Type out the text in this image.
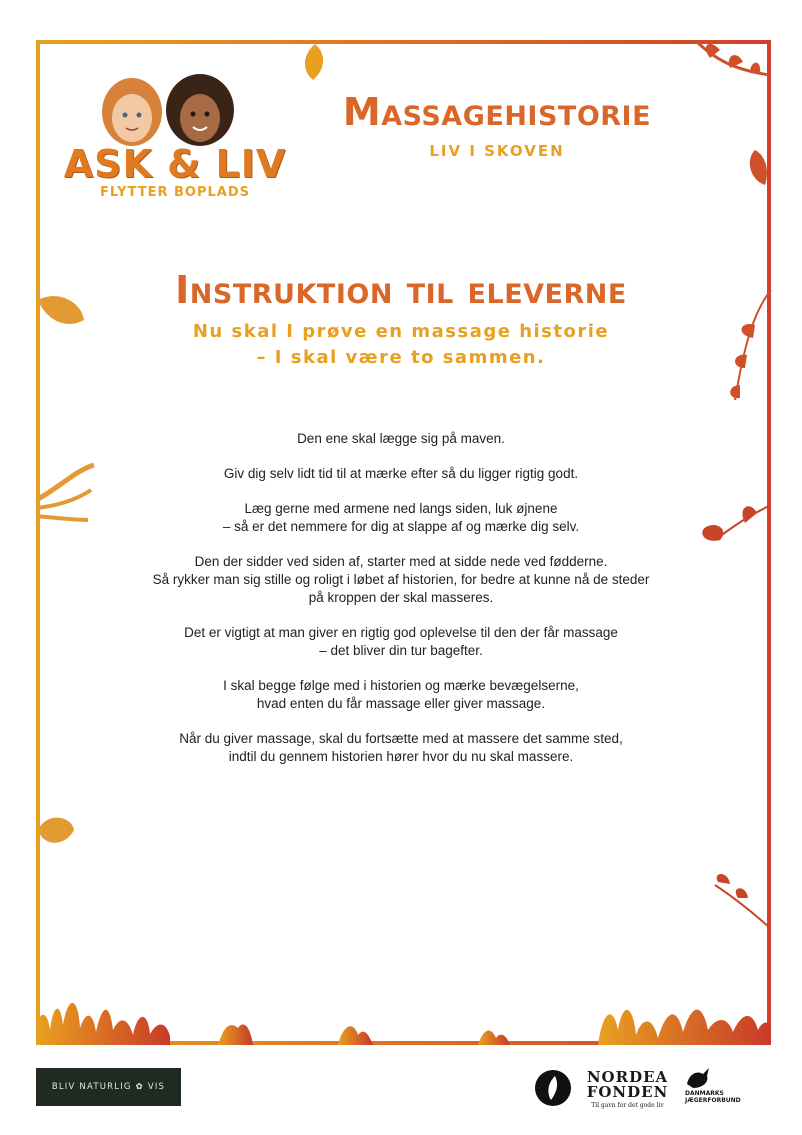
ASK & LIV
FLYTTER BOPLADS
Massagehistorie
LIV I SKOVEN
Instruktion til eleverne
Nu skal I prøve en massage historie
– I skal være to sammen.

Den ene skal lægge sig på maven.

Giv dig selv lidt tid til at mærke efter så du ligger rigtig godt.

Læg gerne med armene ned langs siden, luk øjnene
– så er det nemmere for dig at slappe af og mærke dig selv.

Den der sidder ved siden af, starter med at sidde nede ved fødderne.
Så rykker man sig stille og roligt i løbet af historien, for bedre at kunne nå de steder
på kroppen der skal masseres.

Det er vigtigt at man giver en rigtig god oplevelse til den der får massage
– det bliver din tur bagefter.

I skal begge følge med i historien og mærke bevægelserne,
hvad enten du får massage eller giver massage.

Når du giver massage, skal du fortsætte med at massere det samme sted,
indtil du gennem historien hører hvor du nu skal massere.

BLIV NATURLIG ✿ VIS
NORDEA FONDEN
Til gavn for det gode liv
DANMARKS
JÆGERFORBUND
